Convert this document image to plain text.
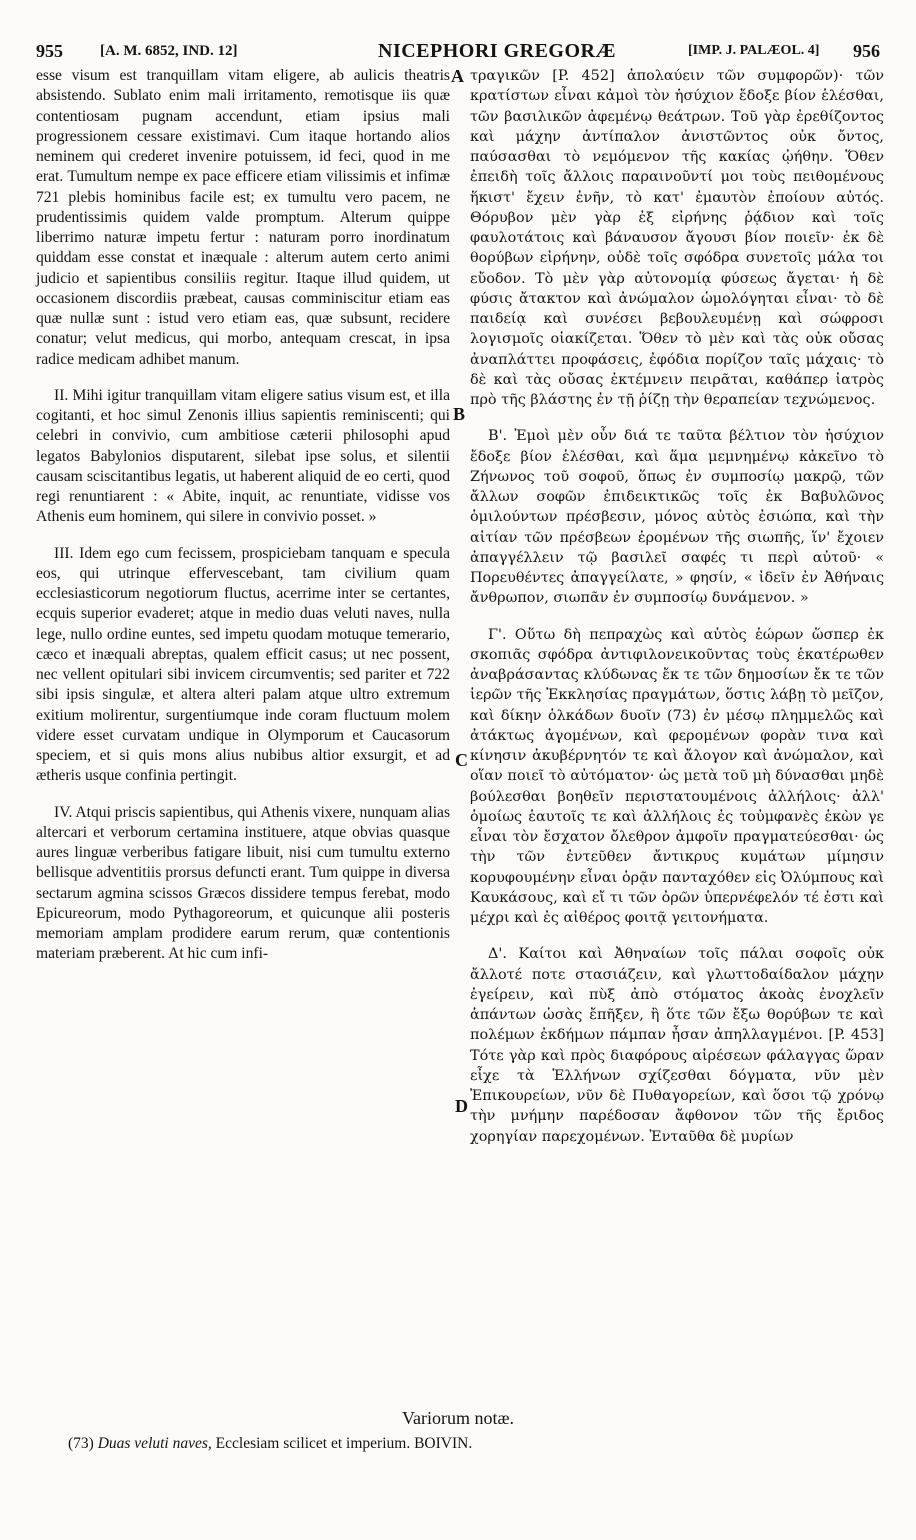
955 [A. M. 6852, IND. 12]	NICEPHORI GREGORÆ	[IMP. J. PALÆOL. 4] 956

esse visum est tranquillam vitam eligere, ab aulicis theatris absistendo. Sublato enim mali irritamento, remotisque iis quæ contentiosam pugnam accendunt, etiam ipsius mali progressionem cessare existimavi. Cum itaque hortando alios neminem qui crederet invenire potuissem, id feci, quod in me erat. Tumultum nempe ex pace efficere etiam vilissimis et infimæ 721 plebis hominibus facile est; ex tumultu vero pacem, ne prudentissimis quidem valde promptum. Alterum quippe liberrimo naturæ impetu fertur : naturam porro inordinatum quiddam esse constat et inæquale : alterum autem certo animi judicio et sapientibus consiliis regitur. Itaque illud quidem, ut occasionem discordiis præbeat, causas comminiscitur etiam eas quæ nullæ sunt : istud vero etiam eas, quæ subsunt, recidere conatur; velut medicus, qui morbo, antequam crescat, in ipsa radice medicam adhibet manum.

II. Mihi igitur tranquillam vitam eligere satius visum est, et illa cogitanti, et hoc simul Zenonis illius sapientis reminiscenti; qui celebri in convivio, cum ambitiose cæterii philosophi apud legatos Babylonios disputarent, silebat ipse solus, et silentii causam sciscitantibus legatis, ut haberent aliquid de eo certi, quod regi renuntiarent : « Abite, inquit, ac renuntiate, vidisse vos Athenis eum hominem, qui silere in convivio posset. »

III. Idem ego cum fecissem, prospiciebam tanquam e specula eos, qui utrinque effervescebant, tam civilium quam ecclesiasticorum negotiorum fluctus, acerrime inter se certantes, ecquis superior evaderet; atque in medio duas veluti naves, nulla lege, nullo ordine euntes, sed impetu quodam motuque temerario, cæco et inæquali abreptas, qualem efficit casus; ut nec possent, nec vellent opitulari sibi invicem circumventis; sed pariter et 722 sibi ipsis singulæ, et altera alteri palam atque ultro extremum exitium molirentur, surgentiumque inde coram fluctuum molem videre esset curvatam undique in Olymporum et Caucasorum speciem, et si quis mons alius nubibus altior exsurgit, et ad ætheris usque confinia pertingit.

IV. Atqui priscis sapientibus, qui Athenis vixere, nunquam alias altercari et verborum certamina instituere, atque obvias quasque aures linguæ verberibus fatigare libuit, nisi cum tumultu externo bellisque adventitiis prorsus defuncti erant. Tum quippe in diversa sectarum agmina scissos Græcos dissidere tempus ferebat, modo Epicureorum, modo Pythagoreorum, et quicunque alii posteris memoriam amplam prodidere earum rerum, quæ contentionis materiam præberent. At hic cum infi-

A
B
C
D

τραγικῶν [P. 452] ἀπολαύειν τῶν συμφορῶν)· τῶν κρατίστων εἶναι κἀμοὶ τὸν ἡσύχιον ἔδοξε βίον ἑλέσθαι, τῶν βασιλικῶν ἀφεμένῳ θεάτρων. Τοῦ γὰρ ἐρεθίζοντος καὶ μάχην ἀντίπαλον ἀνιστῶντος οὐκ ὄντος, παύσασθαι τὸ νεμόμενον τῆς κακίας ᾠήθην. Ὅθεν ἐπειδὴ τοῖς ἄλλοις παραινοῦντί μοι τοὺς πειθομένους ἥκιστ' ἔχειν ἐνῆν, τὸ κατ' ἐμαυτὸν ἐποίουν αὐτός. Θόρυβον μὲν γὰρ ἐξ εἰρήνης ῥᾴδιον καὶ τοῖς φαυλοτάτοις καὶ βάναυσον ἄγουσι βίον ποιεῖν· ἐκ δὲ θορύβων εἰρήνην, οὐδὲ τοῖς σφόδρα συνετοῖς μάλα τοι εὔοδον. Τὸ μὲν γὰρ αὐτονομίᾳ φύσεως ἄγεται· ἡ δὲ φύσις ἄτακτον καὶ ἀνώμαλον ὡμολόγηται εἶναι· τὸ δὲ παιδείᾳ καὶ συνέσει βεβουλευμένῃ καὶ σώφροσι λογισμοῖς οἰακίζεται. Ὅθεν τὸ μὲν καὶ τὰς οὐκ οὔσας ἀναπλάττει προφάσεις, ἐφόδια πορίζον ταῖς μάχαις· τὸ δὲ καὶ τὰς οὔσας ἐκτέμνειν πειρᾶται, καθάπερ ἰατρὸς πρὸ τῆς βλάστης ἐν τῇ ῥίζῃ τὴν θεραπείαν τεχνώμενος.

Β'. Ἐμοὶ μὲν οὖν διά τε ταῦτα βέλτιον τὸν ἡσύχιον ἔδοξε βίον ἑλέσθαι, καὶ ἅμα μεμνημένῳ κἀκεῖνο τὸ Ζήνωνος τοῦ σοφοῦ, ὅπως ἐν συμποσίῳ μακρῷ, τῶν ἄλλων σοφῶν ἐπιδεικτικῶς τοῖς ἐκ Βαβυλῶνος ὁμιλούντων πρέσβεσιν, μόνος αὐτὸς ἐσιώπα, καὶ τὴν αἰτίαν τῶν πρέσβεων ἐρομένων τῆς σιωπῆς, ἵν' ἔχοιεν ἀπαγγέλλειν τῷ βασιλεῖ σαφές τι περὶ αὐτοῦ· « Πορευθέντες ἀπαγγείλατε, » φησίν, « ἰδεῖν ἐν Ἀθήναις ἄνθρωπον, σιωπᾶν ἐν συμποσίῳ δυνάμενον. »

Γ'. Οὕτω δὴ πεπραχὼς καὶ αὐτὸς ἑώρων ὥσπερ ἐκ σκοπιᾶς σφόδρα ἀντιφιλονεικοῦντας τοὺς ἑκατέρωθεν ἀναβράσαντας κλύδωνας ἔκ τε τῶν δημοσίων ἔκ τε τῶν ἱερῶν τῆς Ἐκκλησίας πραγμάτων, ὅστις λάβῃ τὸ μεῖζον, καὶ δίκην ὁλκάδων δυοῖν (73) ἐν μέσῳ πλημμελῶς καὶ ἀτάκτως ἀγομένων, καὶ φερομένων φορὰν τινα καὶ κίνησιν ἀκυβέρνητόν τε καὶ ἄλογον καὶ ἀνώμαλον, καὶ οἵαν ποιεῖ τὸ αὐτόματον· ὡς μετὰ τοῦ μὴ δύνασθαι μηδὲ βούλεσθαι βοηθεῖν περιστατουμένοις ἀλλήλοις· ἀλλ' ὁμοίως ἑαυτοῖς τε καὶ ἀλλήλοις ἐς τοὐμφανὲς ἑκὼν γε εἶναι τὸν ἔσχατον ὄλεθρον ἀμφοῖν πραγματεύεσθαι· ὡς τὴν τῶν ἐντεῦθεν ἄντικρυς κυμάτων μίμησιν κορυφουμένην εἶναι ὁρᾷν πανταχόθεν εἰς Ὀλύμπους καὶ Καυκάσους, καὶ εἴ τι τῶν ὀρῶν ὑπερνέφελόν τέ ἐστι καὶ μέχρι καὶ ἐς αἰθέρος φοιτᾷ γειτονήματα.

Δ'. Καίτοι καὶ Ἀθηναίων τοῖς πάλαι σοφοῖς οὐκ ἄλλοτέ ποτε στασιάζειν, καὶ γλωττοδαίδαλον μάχην ἐγείρειν, καὶ πὺξ ἀπὸ στόματος ἀκοὰς ἐνοχλεῖν ἁπάντων ὡσὰς ἔπῆξεν, ἢ ὅτε τῶν ἔξω θορύβων τε καὶ πολέμων ἐκδήμων πάμπαν ἦσαν ἀπηλλαγμένοι. [P. 453] Τότε γὰρ καὶ πρὸς διαφόρους αἱρέσεων φάλαγγας ὥραν εἶχε τὰ Ἑλλήνων σχίζεσθαι δόγματα, νῦν μὲν Ἐπικουρείων, νῦν δὲ Πυθαγορείων, καὶ ὅσοι τῷ χρόνῳ τὴν μνήμην παρέδοσαν ἄφθονον τῶν τῆς ἔριδος χορηγίαν παρεχομένων. Ἐνταῦθα δὲ μυρίων

Variorum notæ.
(73) Duas veluti naves, Ecclesiam scilicet et imperium. BOIVIN.
